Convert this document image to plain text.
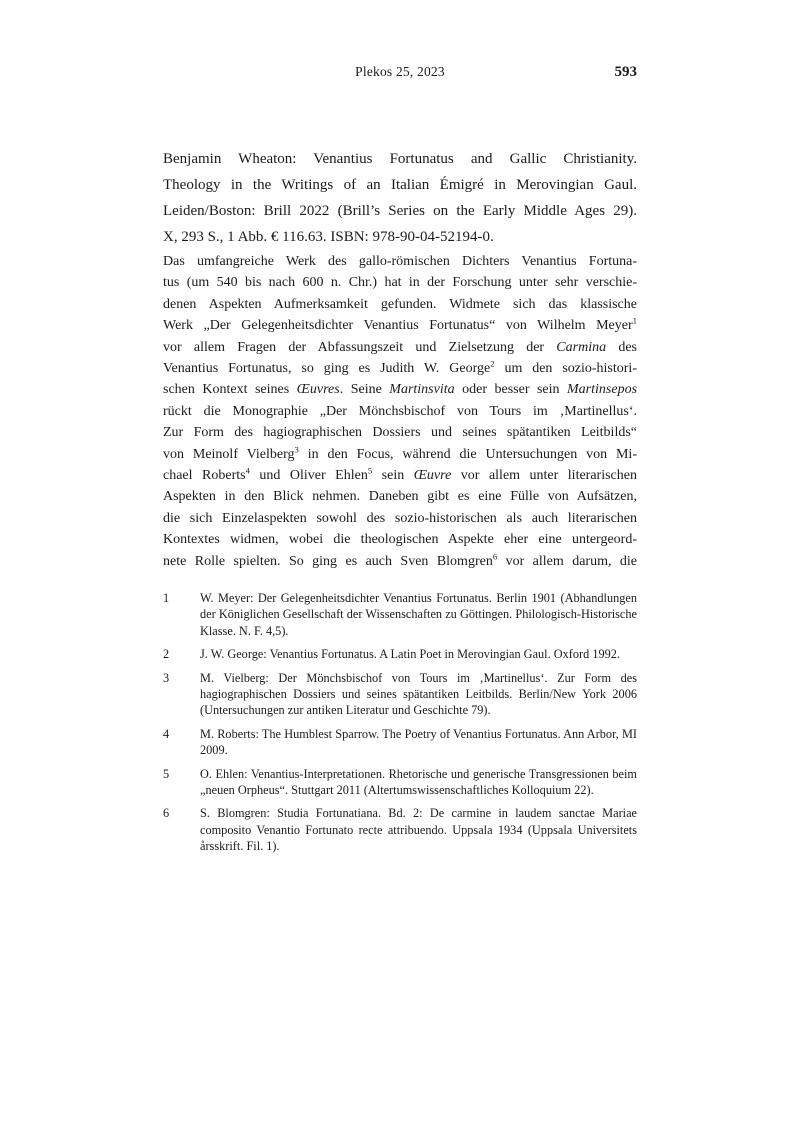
Plekos 25, 2023	593
Benjamin Wheaton: Venantius Fortunatus and Gallic Christianity.
Theology in the Writings of an Italian Émigré in Merovingian Gaul.
Leiden/Boston: Brill 2022 (Brill’s Series on the Early Middle Ages 29).
X, 293 S., 1 Abb. € 116.63. ISBN: 978-90-04-52194-0.
Das umfangreiche Werk des gallo-römischen Dichters Venantius Fortuna-
tus (um 540 bis nach 600 n. Chr.) hat in der Forschung unter sehr verschie-
denen Aspekten Aufmerksamkeit gefunden. Widmete sich das klassische
Werk „Der Gelegenheitsdichter Venantius Fortunatus“ von Wilhelm Meyer$^1$
vor allem Fragen der Abfassungszeit und Zielsetzung der Carmina des
Venantius Fortunatus, so ging es Judith W. George$^2$ um den sozio-histori-
schen Kontext seines Œuvres. Seine Martinsvita oder besser sein Martinsepos
rückt die Monographie „Der Mönchsbischof von Tours im ‚Martinellus‘.
Zur Form des hagiographischen Dossiers und seines spätantiken Leitbilds“
von Meinolf Vielberg$^3$ in den Focus, während die Untersuchungen von Mi-
chael Roberts$^4$ und Oliver Ehlen$^5$ sein Œuvre vor allem unter literarischen
Aspekten in den Blick nehmen. Daneben gibt es eine Fülle von Aufsätzen,
die sich Einzelaspekten sowohl des sozio-historischen als auch literarischen
Kontextes widmen, wobei die theologischen Aspekte eher eine untergeord-
nete Rolle spielten. So ging es auch Sven Blomgren$^6$ vor allem darum, die
1	W. Meyer: Der Gelegenheitsdichter Venantius Fortunatus. Berlin 1901 (Abhandlungen der Königlichen Gesellschaft der Wissenschaften zu Göttingen. Philologisch-Historische Klasse. N. F. 4,5).
2	J. W. George: Venantius Fortunatus. A Latin Poet in Merovingian Gaul. Oxford 1992.
3	M. Vielberg: Der Mönchsbischof von Tours im ‚Martinellus‘. Zur Form des hagiographischen Dossiers und seines spätantiken Leitbilds. Berlin/New York 2006 (Untersuchungen zur antiken Literatur und Geschichte 79).
4	M. Roberts: The Humblest Sparrow. The Poetry of Venantius Fortunatus. Ann Arbor, MI 2009.
5	O. Ehlen: Venantius-Interpretationen. Rhetorische und generische Transgressionen beim „neuen Orpheus“. Stuttgart 2011 (Altertumswissenschaftliches Kolloquium 22).
6	S. Blomgren: Studia Fortunatiana. Bd. 2: De carmine in laudem sanctae Mariae composito Venantio Fortunato recte attribuendo. Uppsala 1934 (Uppsala Universitets årsskrift. Fil. 1).
